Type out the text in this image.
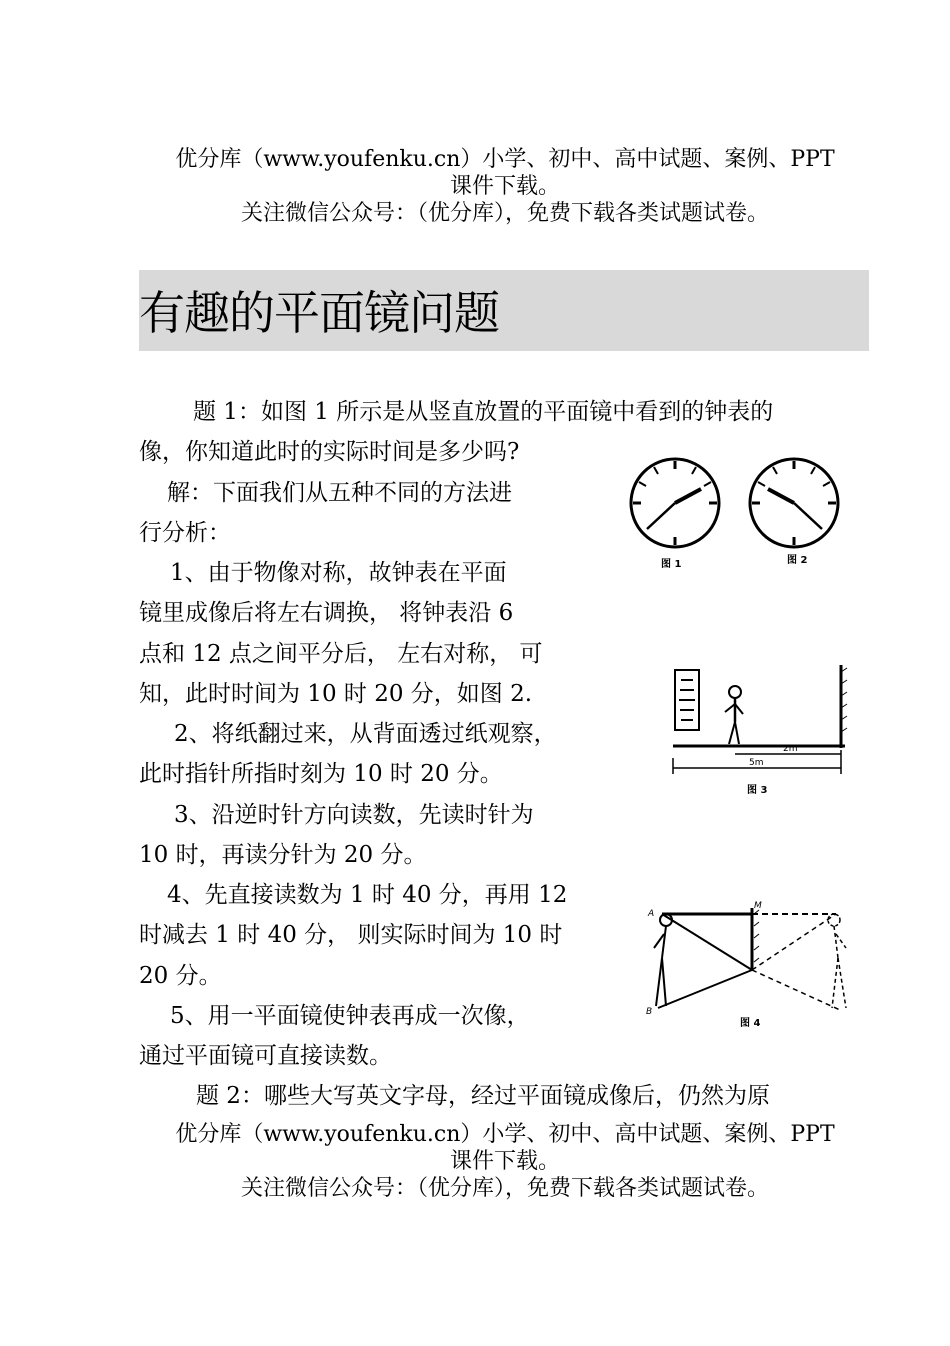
优分库（www.youfenku.cn）小学、初中、高中试题、案例、PPT
课件下载。
关注微信公众号：（优分库），免费下载各类试题试卷。
有趣的平面镜问题
题 1：如图 1 所示是从竖直放置的平面镜中看到的钟表的
像，你知道此时的实际时间是多少吗?
解：下面我们从五种不同的方法进
行分析：
1、由于物像对称，故钟表在平面
镜里成像后将左右调换， 将钟表沿 6
点和 12 点之间平分后， 左右对称， 可
知，此时时间为 10 时 20 分，如图 2.
2、将纸翻过来，从背面透过纸观察，
此时指针所指时刻为 10 时 20 分。
3、沿逆时针方向读数，先读时针为
10 时，再读分针为 20 分。
4、先直接读数为 1 时 40 分，再用 12
时减去 1 时 40 分， 则实际时间为 10 时
20 分。
5、用一平面镜使钟表再成一次像，
通过平面镜可直接读数。
题 2：哪些大写英文字母，经过平面镜成像后，仍然为原
图 1	图 2
2m
5m
图 3
A
M
B
图 4
优分库（www.youfenku.cn）小学、初中、高中试题、案例、PPT
课件下载。
关注微信公众号：（优分库），免费下载各类试题试卷。
